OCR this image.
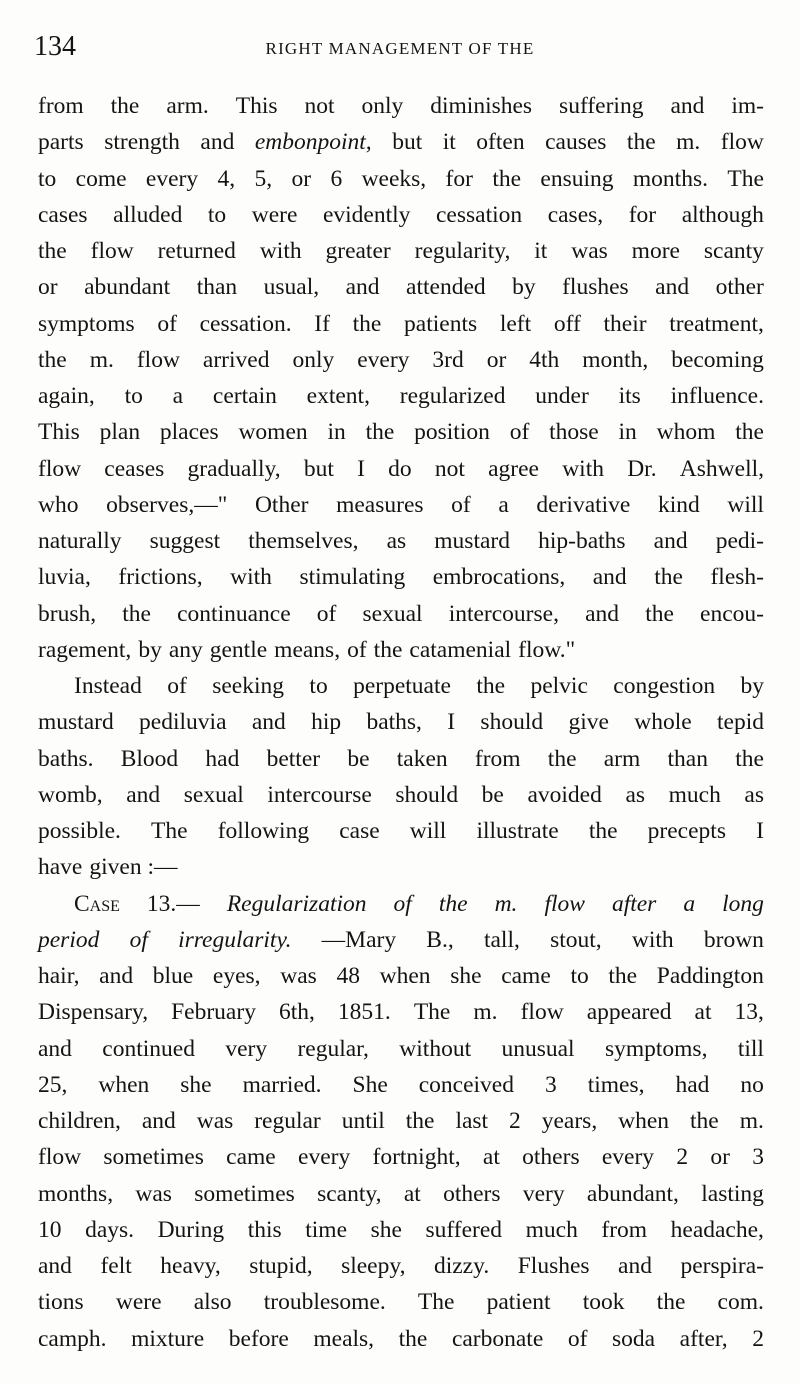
134	RIGHT MANAGEMENT OF THE
from the arm. This not only diminishes suffering and im-
parts strength and embonpoint, but it often causes the m. flow
to come every 4, 5, or 6 weeks, for the ensuing months. The
cases alluded to were evidently cessation cases, for although
the flow returned with greater regularity, it was more scanty
or abundant than usual, and attended by flushes and other
symptoms of cessation. If the patients left off their treatment,
the m. flow arrived only every 3rd or 4th month, becoming
again, to a certain extent, regularized under its influence.
This plan places women in the position of those in whom the
flow ceases gradually, but I do not agree with Dr. Ashwell,
who observes,—" Other measures of a derivative kind will
naturally suggest themselves, as mustard hip-baths and pedi-
luvia, frictions, with stimulating embrocations, and the flesh-
brush, the continuance of sexual intercourse, and the encou-
ragement, by any gentle means, of the catamenial flow."
Instead of seeking to perpetuate the pelvic congestion by
mustard pediluvia and hip baths, I should give whole tepid
baths. Blood had better be taken from the arm than the
womb, and sexual intercourse should be avoided as much as
possible. The following case will illustrate the precepts I
have given :—
Case 13.— Regularization of the m. flow after a long
period of irregularity. —Mary B., tall, stout, with brown
hair, and blue eyes, was 48 when she came to the Paddington
Dispensary, February 6th, 1851. The m. flow appeared at 13,
and continued very regular, without unusual symptoms, till
25, when she married. She conceived 3 times, had no
children, and was regular until the last 2 years, when the m.
flow sometimes came every fortnight, at others every 2 or 3
months, was sometimes scanty, at others very abundant, lasting
10 days. During this time she suffered much from headache,
and felt heavy, stupid, sleepy, dizzy. Flushes and perspira-
tions were also troublesome. The patient took the com.
camph. mixture before meals, the carbonate of soda after, 2
